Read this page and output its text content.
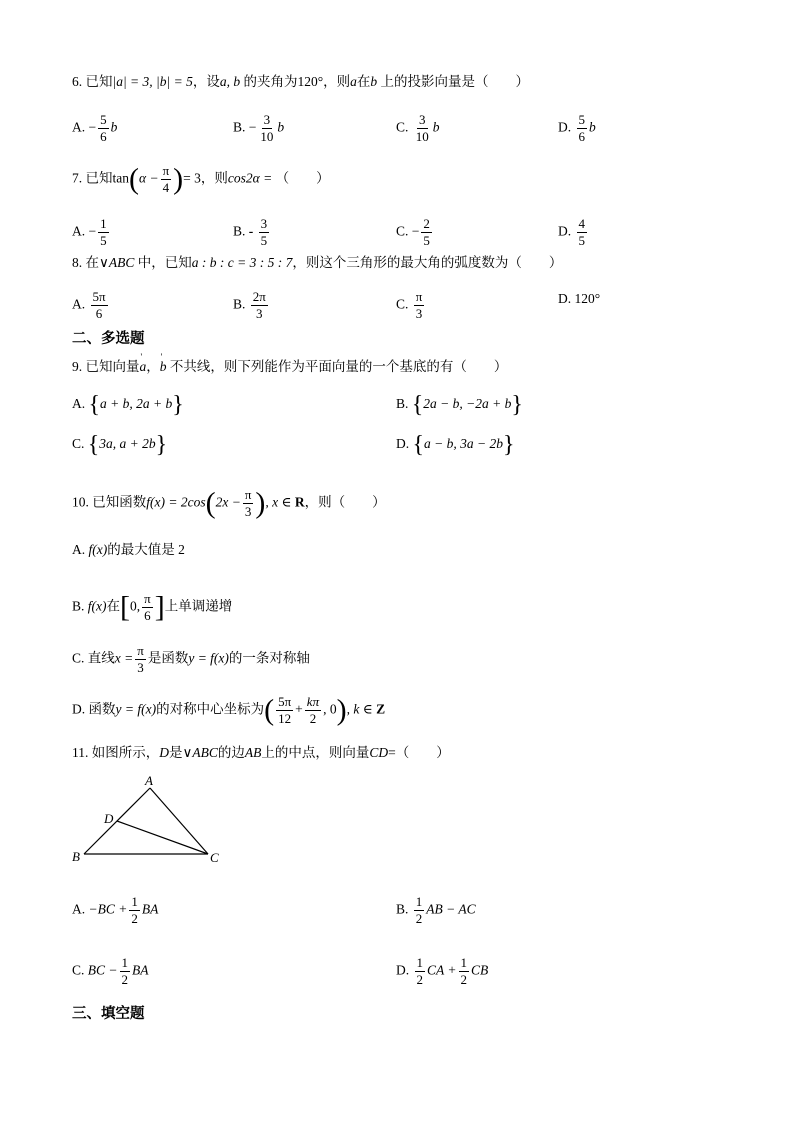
6. 已知|a| = 3, |b| = 5，设a, b 的夹角为120°，则a在b 上的投影向量是（　　）
A. − $\frac{5}{6}$ b	B. − $\frac{3}{10}$ b	C. $\frac{3}{10}$ b	D. $\frac{5}{6}$ b
7. 已知$\tan(\alpha - \frac{\pi}{4}$ )= 3，则cos2α = （　　）
A. − $\frac{1}{5}$	B. - $\frac{3}{5}$	C. − $\frac{2}{5}$	D. $\frac{4}{5}$
8. 在∨ABC 中，已知a : b : c = 3 : 5 : 7，则这个三角形的最大角的弧度数为（　　）
A. $\frac{5\pi}{6}$	B. $\frac{2\pi}{3}$	C. $\frac{\pi}{3}$	D. 120°
二、多选题
9. 已知向量' a，' b 不共线，则下列能作为平面向量的一个基底的有（　　）
A. {a + b, 2a + b}	B. {2a − b, −2a + b}
C. {3a, a + 2b}	D. {a − b, 3a − 2b}
10. 已知函数$f(x) = 2\cos(2x - \frac{\pi}{3}$ ), x ∈ R，则（　　）
A. f(x)的最大值是 2
B. f(x)在[0, $\frac{\pi}{6}$ ]上单调递增
C. 直线$x = \frac{\pi}{3}$ 是函数y = f(x)的一条对称轴
D. 函数y = f(x)的对称中心坐标为( $\frac{5\pi}{12} + \frac{k\pi}{2}$ , 0), k ∈ Z
11. 如图所示，D是∨ABC的边AB上的中点，则向量CD=（　　）
A
D
B	C
A. $-BC + \frac{1}{2}$ BA	B. $\frac{1}{2}$ AB − AC
C. BC − $\frac{1}{2}$ BA	D. $\frac{1}{2}$ CA + $\frac{1}{2}$ CB
三、填空题
